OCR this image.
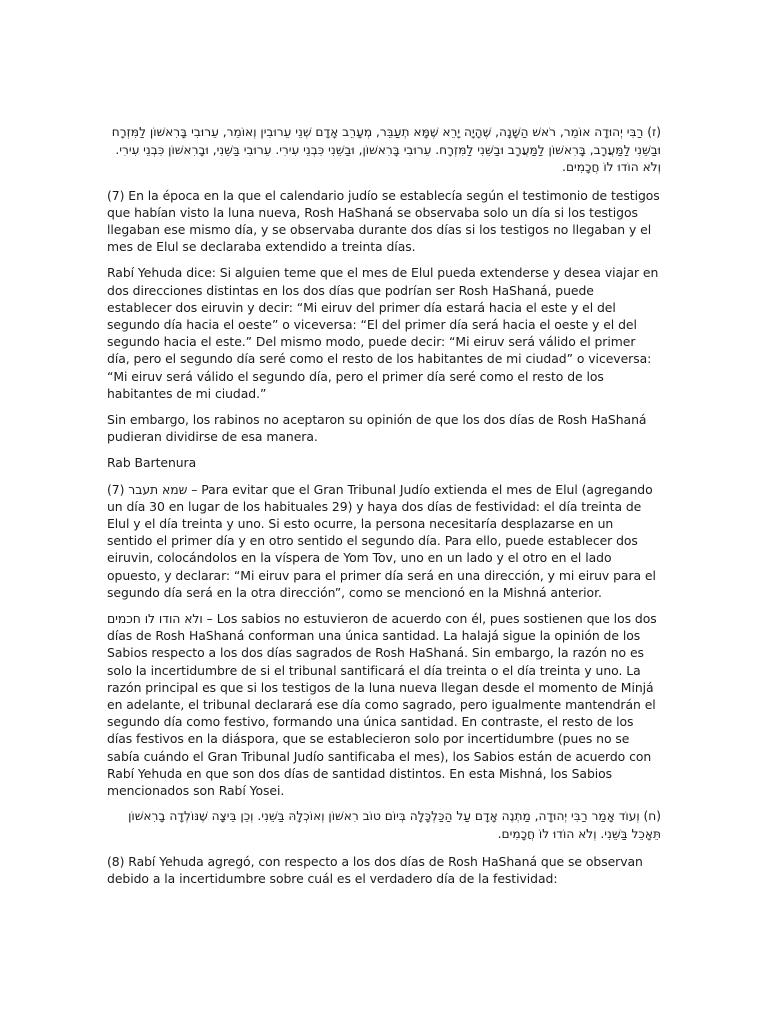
(ז) רַבִּי יְהוּדָה אוֹמֵר, רֹאשׁ הַשָּׁנָה, שֶׁהָיָה יָרֵא שֶׁמָּא תְעַבֵּר, מְעָרֵב אָדָם שְׁנֵי עֵרוּבִין וְאוֹמֵר, עֵרוּבִי בָּרִאשׁוֹן לַמִּזְרָח וּבַשֵּׁנִי לַמַּעֲרָב, בָּרִאשׁוֹן לַמַּעֲרָב וּבַשֵּׁנִי לַמִּזְרָח. עֵרוּבִי בָּרִאשׁוֹן, וּבַשֵּׁנִי כִּבְנֵי עִירִי. עֵרוּבִי בַּשֵּׁנִי, וּבָרִאשׁוֹן כִּבְנֵי עִירִי. וְלֹא הוֹדוּ לוֹ חֲכָמִים.

(7) En la época en la que el calendario judío se establecía según el testimonio de testigos que habían visto la luna nueva, Rosh HaShaná se observaba solo un día si los testigos llegaban ese mismo día, y se observaba durante dos días si los testigos no llegaban y el mes de Elul se declaraba extendido a treinta días.

Rabí Yehuda dice: Si alguien teme que el mes de Elul pueda extenderse y desea viajar en dos direcciones distintas en los dos días que podrían ser Rosh HaShaná, puede establecer dos eiruvin y decir: “Mi eiruv del primer día estará hacia el este y el del segundo día hacia el oeste” o viceversa: “El del primer día será hacia el oeste y el del segundo hacia el este.” Del mismo modo, puede decir: “Mi eiruv será válido el primer día, pero el segundo día seré como el resto de los habitantes de mi ciudad” o viceversa: “Mi eiruv será válido el segundo día, pero el primer día seré como el resto de los habitantes de mi ciudad.”

Sin embargo, los rabinos no aceptaron su opinión de que los dos días de Rosh HaShaná pudieran dividirse de esa manera.

Rab Bartenura

(7) שמא תעבר – Para evitar que el Gran Tribunal Judío extienda el mes de Elul (agregando un día 30 en lugar de los habituales 29) y haya dos días de festividad: el día treinta de Elul y el día treinta y uno. Si esto ocurre, la persona necesitaría desplazarse en un sentido el primer día y en otro sentido el segundo día. Para ello, puede establecer dos eiruvin, colocándolos en la víspera de Yom Tov, uno en un lado y el otro en el lado opuesto, y declarar: “Mi eiruv para el primer día será en una dirección, y mi eiruv para el segundo día será en la otra dirección”, como se mencionó en la Mishná anterior.

ולא הודו לו חכמים – Los sabios no estuvieron de acuerdo con él, pues sostienen que los dos días de Rosh HaShaná conforman una única santidad. La halajá sigue la opinión de los Sabios respecto a los dos días sagrados de Rosh HaShaná. Sin embargo, la razón no es solo la incertidumbre de si el tribunal santificará el día treinta o el día treinta y uno. La razón principal es que si los testigos de la luna nueva llegan desde el momento de Minjá en adelante, el tribunal declarará ese día como sagrado, pero igualmente mantendrán el segundo día como festivo, formando una única santidad. En contraste, el resto de los días festivos en la diáspora, que se establecieron solo por incertidumbre (pues no se sabía cuándo el Gran Tribunal Judío santificaba el mes), los Sabios están de acuerdo con Rabí Yehuda en que son dos días de santidad distintos. En esta Mishná, los Sabios mencionados son Rabí Yosei.

(ח) וְעוֹד אָמַר רַבִּי יְהוּדָה, מַתְנֶה אָדָם עַל הַכַּלְכָּלָה בְּיוֹם טוֹב רִאשׁוֹן וְאוֹכְלָהּ בַּשֵּׁנִי. וְכֵן בֵּיצָה שֶׁנּוֹלְדָה בָרִאשׁוֹן תֵּאָכֵל בַּשֵּׁנִי. וְלֹא הוֹדוּ לוֹ חֲכָמִים.

(8) Rabí Yehuda agregó, con respecto a los dos días de Rosh HaShaná que se observan debido a la incertidumbre sobre cuál es el verdadero día de la festividad:
